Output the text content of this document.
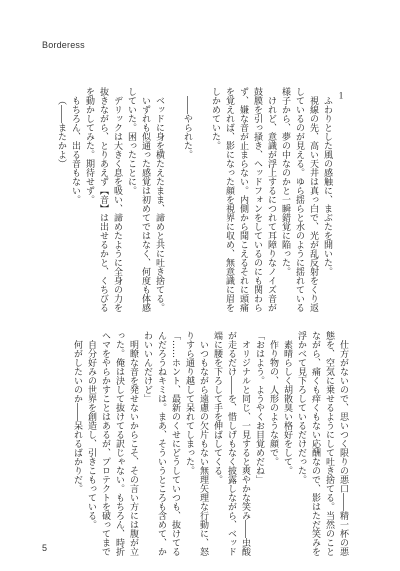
Borderess
1
ふわりとした風の感触に、まぶたを開いた。
視線の先、高い天井は真っ白で、光が乱反射をくり返
しているのが見える。ゆら揺らと水のように揺れている
様子から、夢の中なのかと一瞬錯覚に陥った。
けれど、意識が浮上するにつれて耳障りなノイズ音が
鼓膜を引っ掻き、ヘッドフォンをしているのにも関わら
ず、嫌な音が止まらない。内側から聞こえるそれに頭痛
を覚えれば、影になった顔を視界に収め、無意識に眉を
しかめていた。
――やられた。
ベッドに身を横たえたまま、諦めと共に吐き捨てる。
いずれも似通った感覚は初めてではなく、何度も体感
していた。困ったことに。
デリックは大きく息を吸い、諦めたように全身の力を
抜きながら、とりあえず【音】は出せるかと、くちびる
を動かしてみた。期待せず。
もちろん、出る音もない。
（――またかよ）
仕方がないので、思いつく限りの悪口――精一杯の悪
態を、空気に乗せるようにして吐き捨てる。当然のこと
ながら、痛くも痒くもない応酬なので、影はただ笑みを
浮かべて見下ろしているだけだった。
素晴らしく胡散臭い格好をして。
作り物の、人形のような顔で。
「おはよう。ようやくお目覚めだね」
オリジナルと同じ、一見すると爽やかな笑み――虫酸
が走るだけ――を、惜しげもなく披露しながら、ベッド
端に腰を下ろして手を伸ばしてくる。
いつもながら遠慮の欠片もない無理矢理な行動に、怒
りすら通り越して呆れてしまった。
「……ホント、最新のくせにどうしていつも、抜けてる
んだろうねキミは。まあ、そういうところも含めて、か
わいいんだけど」
明瞭な音を発せないからこそ、その言い方には腹が立
った。俺は決して抜けてる訳じゃない。もちろん、時折
ヘマをやらかすことはあるが、プロテクトを破ってまで
自分好みの世界を創造し、引きこもっている。
何がしたいのか――呆れるばかりだ。
5
